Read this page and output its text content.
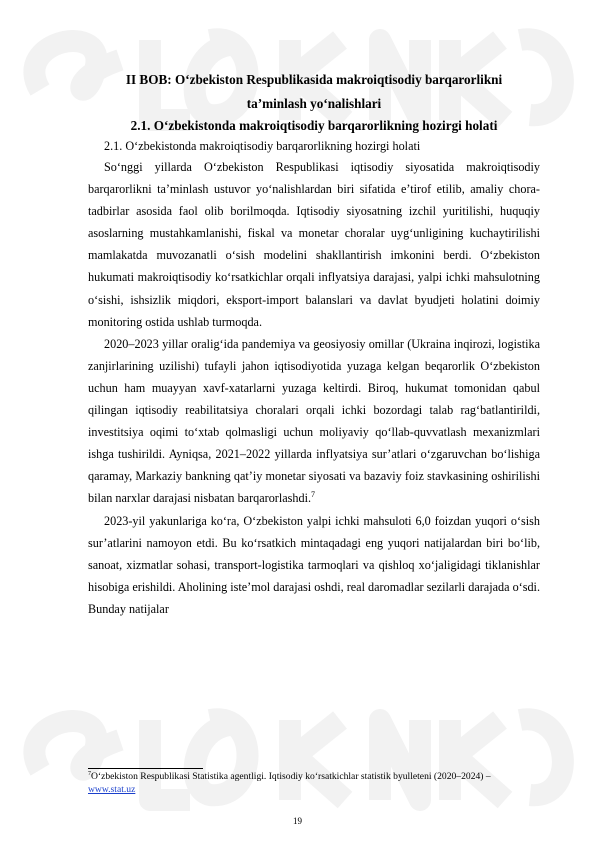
II BOB: O‘zbekiston Respublikasida makroiqtisodiy barqarorlikni
ta’minlash yo‘nalishlari
2.1. O‘zbekistonda makroiqtisodiy barqarorlikning hozirgi holati
2.1. O‘zbekistonda makroiqtisodiy barqarorlikning hozirgi holati

So‘nggi yillarda O‘zbekiston Respublikasi iqtisodiy siyosatida makroiqtisodiy barqarorlikni ta’minlash ustuvor yo‘nalishlardan biri sifatida e’tirof etilib, amaliy chora-tadbirlar asosida faol olib borilmoqda. Iqtisodiy siyosatning izchil yuritilishi, huquqiy asoslarning mustahkamlanishi, fiskal va monetar choralar uyg‘unligining kuchaytirilishi mamlakatda muvozanatli o‘sish modelini shakllantirish imkonini berdi. O‘zbekiston hukumati makroiqtisodiy ko‘rsatkichlar orqali inflyatsiya darajasi, yalpi ichki mahsulotning o‘sishi, ishsizlik miqdori, eksport-import balanslari va davlat byudjeti holatini doimiy monitoring ostida ushlab turmoqda.

2020–2023 yillar oralig‘ida pandemiya va geosiyosiy omillar (Ukraina inqirozi, logistika zanjirlarining uzilishi) tufayli jahon iqtisodiyotida yuzaga kelgan beqarorlik O‘zbekiston uchun ham muayyan xavf-xatarlarni yuzaga keltirdi. Biroq, hukumat tomonidan qabul qilingan iqtisodiy reabilitatsiya choralari orqali ichki bozordagi talab rag‘batlantirildi, investitsiya oqimi to‘xtab qolmasligi uchun moliyaviy qo‘llab-quvvatlash mexanizmlari ishga tushirildi. Ayniqsa, 2021–2022 yillarda inflyatsiya sur’atlari o‘zgaruvchan bo‘lishiga qaramay, Markaziy bankning qat’iy monetar siyosati va bazaviy foiz stavkasining oshirilishi bilan narxlar darajasi nisbatan barqarorlashdi.$^7$

2023-yil yakunlariga ko‘ra, O‘zbekiston yalpi ichki mahsuloti 6,0 foizdan yuqori o‘sish sur’atlarini namoyon etdi. Bu ko‘rsatkich mintaqadagi eng yuqori natijalardan biri bo‘lib, sanoat, xizmatlar sohasi, transport-logistika tarmoqlari va qishloq xo‘jaligidagi tiklanishlar hisobiga erishildi. Aholining iste’mol darajasi oshdi, real daromadlar sezilarli darajada o‘sdi. Bunday natijalar

$^7$O‘zbekiston Respublikasi Statistika agentligi. Iqtisodiy ko‘rsatkichlar statistik byulleteni (2020–2024) – www.stat.uz
19
